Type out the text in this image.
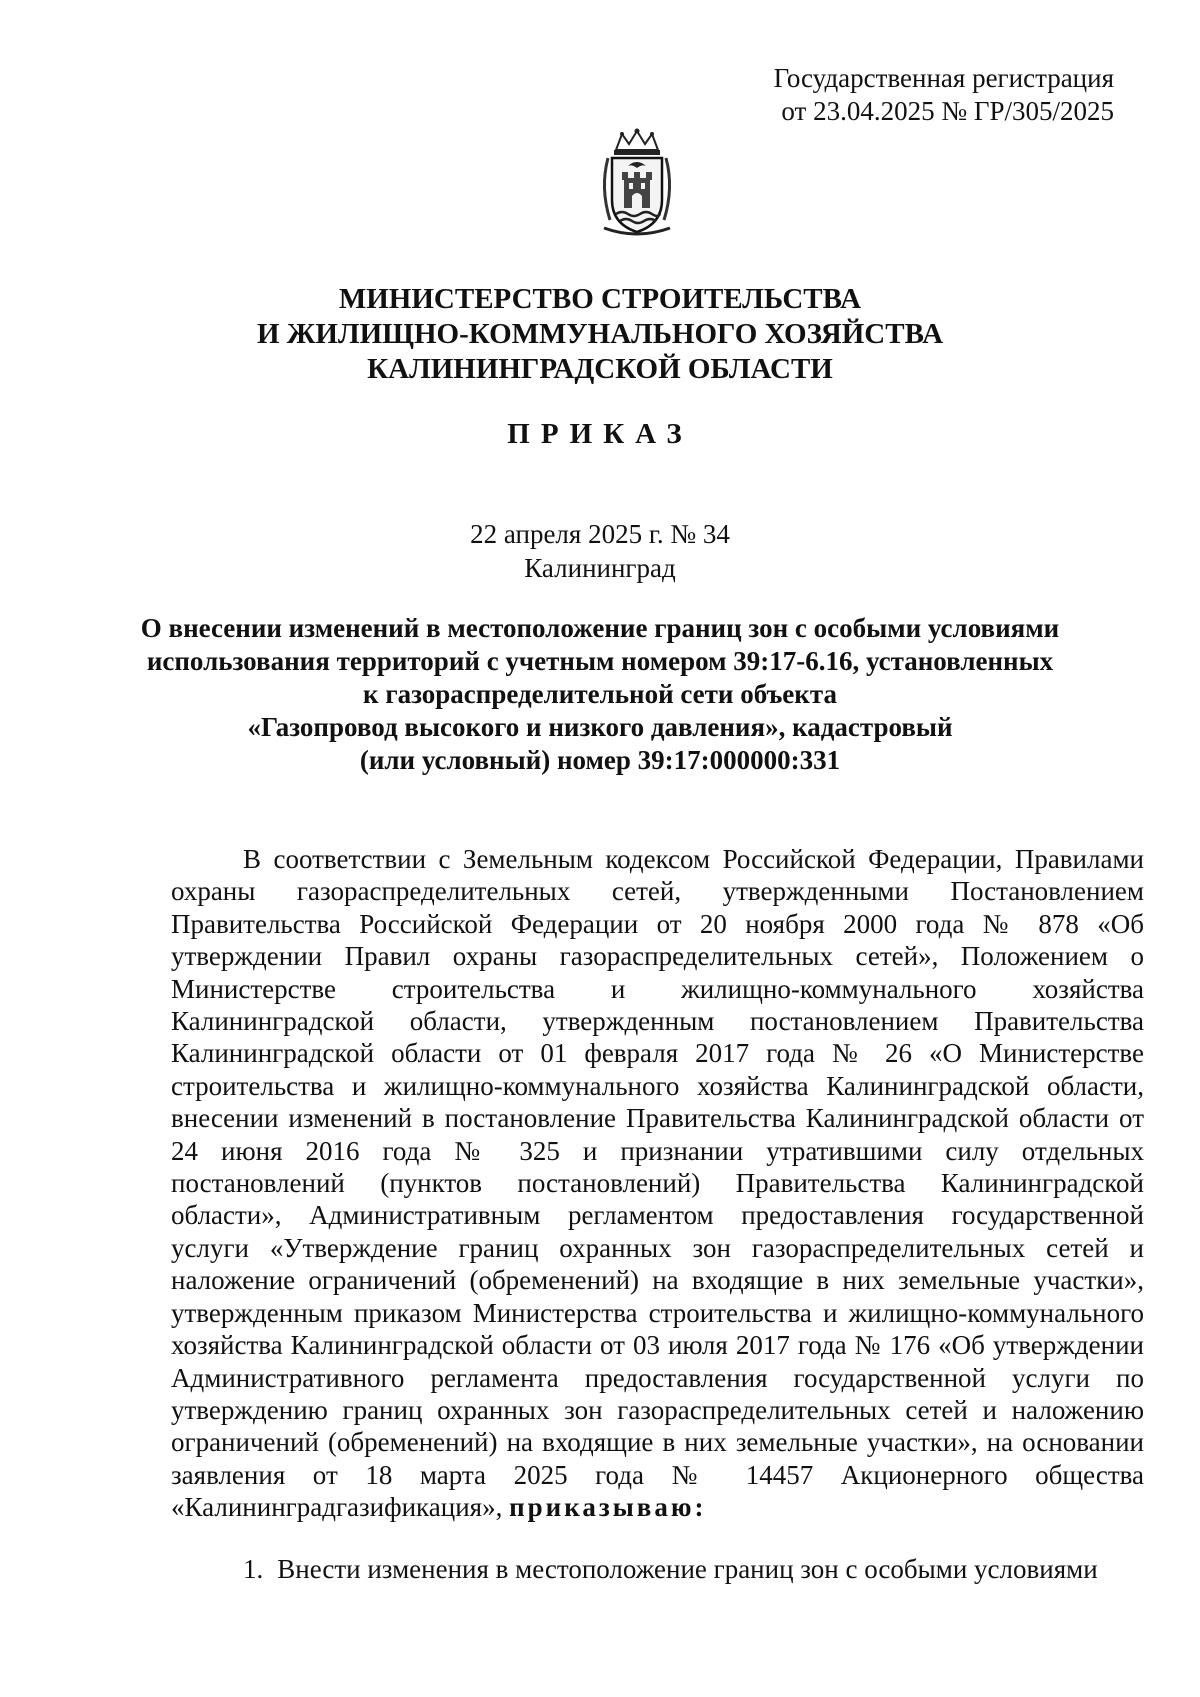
Государственная регистрация
от 23.04.2025 № ГР/305/2025
МИНИСТЕРСТВО СТРОИТЕЛЬСТВА
И ЖИЛИЩНО-КОММУНАЛЬНОГО ХОЗЯЙСТВА
КАЛИНИНГРАДСКОЙ ОБЛАСТИ
ПРИКАЗ
22 апреля 2025 г. № 34
Калининград
О внесении изменений в местоположение границ зон с особыми условиями
использования территорий с учетным номером 39:17-6.16, установленных
к газораспределительной сети объекта
«Газопровод высокого и низкого давления», кадастровый
(или условный) номер 39:17:000000:331
В соответствии с Земельным кодексом Российской Федерации, Правилами охраны газораспределительных сетей, утвержденными Постановлением Правительства Российской Федерации от 20 ноября 2000 года № 878 «Об утверждении Правил охраны газораспределительных сетей», Положением о Министерстве строительства и жилищно-коммунального хозяйства Калининградской области, утвержденным постановлением Правительства Калининградской области от 01 февраля 2017 года № 26 «О Министерстве строительства и жилищно-коммунального хозяйства Калининградской области, внесении изменений в постановление Правительства Калининградской области от 24 июня 2016 года № 325 и признании утратившими силу отдельных постановлений (пунктов постановлений) Правительства Калининградской области», Административным регламентом предоставления государственной услуги «Утверждение границ охранных зон газораспределительных сетей и наложение ограничений (обременений) на входящие в них земельные участки», утвержденным приказом Министерства строительства и жилищно-коммунального хозяйства Калининградской области от 03 июля 2017 года № 176 «Об утверждении Административного регламента предоставления государственной услуги по утверждению границ охранных зон газораспределительных сетей и наложению ограничений (обременений) на входящие в них земельные участки», на основании заявления от 18 марта 2025 года № 14457 Акционерного общества «Калининградгазификация», приказываю:
1. Внести изменения в местоположение границ зон с особыми условиями
